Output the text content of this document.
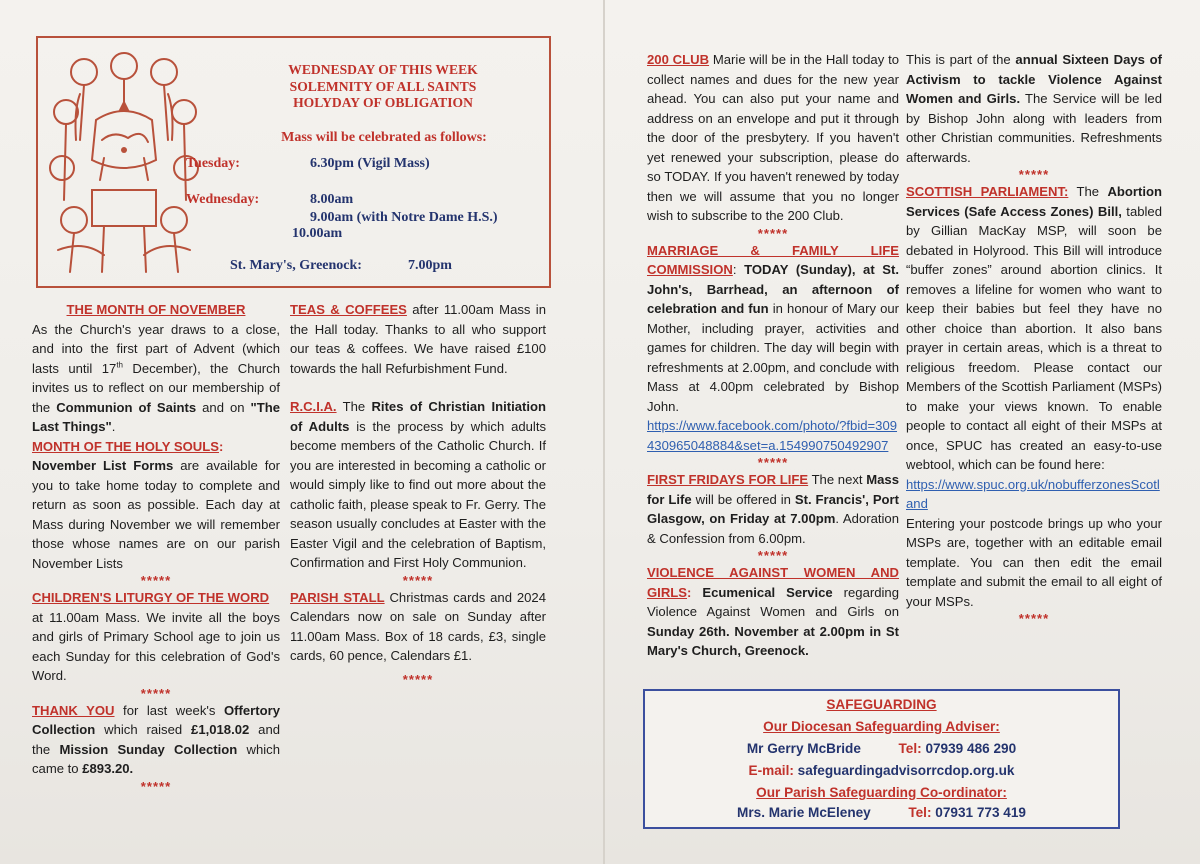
WEDNESDAY OF THIS WEEK
SOLEMNITY OF ALL SAINTS
HOLYDAY OF OBLIGATION
Mass will be celebrated as follows:
Tuesday:	6.30pm (Vigil Mass)
Wednesday:	8.00am
9.00am (with Notre Dame H.S.)
10.00am
St. Mary's, Greenock:	7.00pm

THE MONTH OF NOVEMBER

As the Church's year draws to a close, and into the first part of Advent (which lasts until 17th December), the Church invites us to reflect on our membership of the Communion of Saints and on "The Last Things".

MONTH OF THE HOLY SOULS:

November List Forms are available for you to take home today to complete and return as soon as possible. Each day at Mass during November we will remember those whose names are on our parish November Lists

*****

CHILDREN'S LITURGY OF THE WORD

at 11.00am Mass. We invite all the boys and girls of Primary School age to join us each Sunday for this celebration of God's Word.

*****

THANK YOU for last week's Offertory Collection which raised £1,018.02 and the Mission Sunday Collection which came to £893.20.

*****

TEAS & COFFEES after 11.00am Mass in the Hall today. Thanks to all who support our teas & coffees. We have raised £100 towards the hall Refurbishment Fund.

R.C.I.A. The Rites of Christian Initiation of Adults is the process by which adults become members of the Catholic Church. If you are interested in becoming a catholic or would simply like to find out more about the catholic faith, please speak to Fr. Gerry. The season usually concludes at Easter with the Easter Vigil and the celebration of Baptism, Confirmation and First Holy Communion.

*****

PARISH STALL Christmas cards and 2024 Calendars now on sale on Sunday after 11.00am Mass. Box of 18 cards, £3, single cards, 60 pence, Calendars £1.

*****

200 CLUB Marie will be in the Hall today to collect names and dues for the new year ahead. You can also put your name and address on an envelope and put it through the door of the presbytery. If you haven't yet renewed your subscription, please do so TODAY. If you haven't renewed by today then we will assume that you no longer wish to subscribe to the 200 Club.

*****

MARRIAGE & FAMILY LIFE COMMISSION: TODAY (Sunday), at St. John's, Barrhead, an afternoon of celebration and fun in honour of Mary our Mother, including prayer, activities and games for children. The day will begin with refreshments at 2.00pm, and conclude with Mass at 4.00pm celebrated by Bishop John.

https://www.facebook.com/photo/?fbid=309430965048884&set=a.154990750492907

*****

FIRST FRIDAYS FOR LIFE The next Mass for Life will be offered in St. Francis', Port Glasgow, on Friday at 7.00pm. Adoration & Confession from 6.00pm.

*****

VIOLENCE AGAINST WOMEN AND GIRLS: Ecumenical Service regarding Violence Against Women and Girls on Sunday 26th. November at 2.00pm in St Mary's Church, Greenock.

This is part of the annual Sixteen Days of Activism to tackle Violence Against Women and Girls. The Service will be led by Bishop John along with leaders from other Christian communities. Refreshments afterwards.

*****

SCOTTISH PARLIAMENT: The Abortion Services (Safe Access Zones) Bill, tabled by Gillian MacKay MSP, will soon be debated in Holyrood. This Bill will introduce “buffer zones” around abortion clinics. It removes a lifeline for women who want to keep their babies but feel they have no other choice than abortion. It also bans prayer in certain areas, which is a threat to religious freedom. Please contact our Members of the Scottish Parliament (MSPs) to make your views known. To enable people to contact all eight of their MSPs at once, SPUC has created an easy-to-use webtool, which can be found here:

https://www.spuc.org.uk/nobufferzonesScotland

Entering your postcode brings up who your MSPs are, together with an editable email template. You can then edit the email template and submit the email to all eight of your MSPs.

*****
SAFEGUARDING
Our Diocesan Safeguarding Adviser:
Mr Gerry McBride	Tel: 07939 486 290
E-mail: safeguardingadvisorrcdop.org.uk
Our Parish Safeguarding Co-ordinator:
Mrs. Marie McEleney	Tel: 07931 773 419
